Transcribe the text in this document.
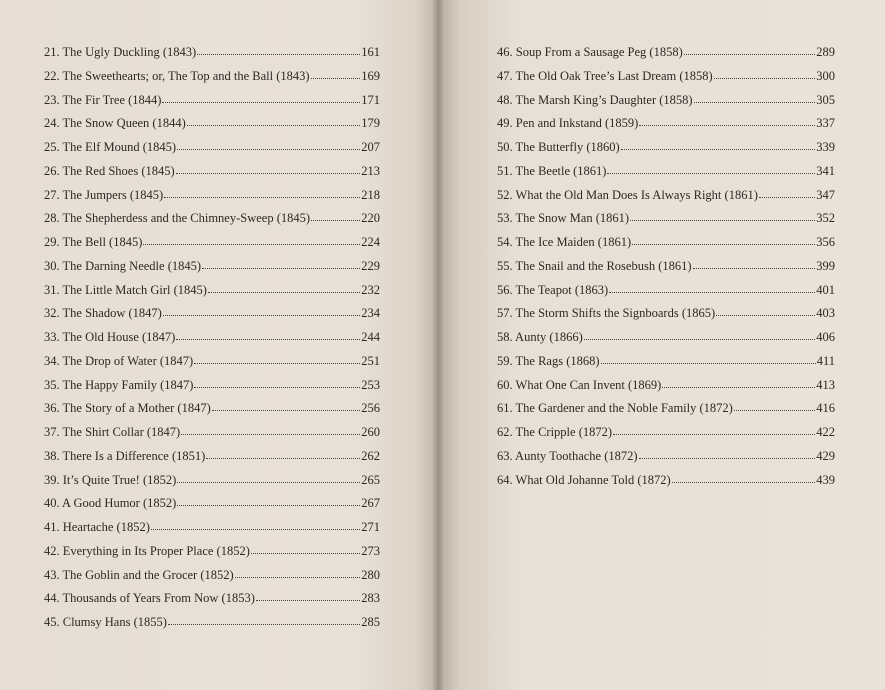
21. The Ugly Duckling (1843)	161
22. The Sweethearts; or, The Top and the Ball (1843)	169
23. The Fir Tree (1844)	171
24. The Snow Queen (1844)	179
25. The Elf Mound (1845)	207
26. The Red Shoes (1845)	213
27. The Jumpers (1845)	218
28. The Shepherdess and the Chimney-Sweep (1845)	220
29. The Bell (1845)	224
30. The Darning Needle (1845)	229
31. The Little Match Girl (1845)	232
32. The Shadow (1847)	234
33. The Old House (1847)	244
34. The Drop of Water (1847)	251
35. The Happy Family (1847)	253
36. The Story of a Mother (1847)	256
37. The Shirt Collar (1847)	260
38. There Is a Difference (1851)	262
39. It’s Quite True! (1852)	265
40. A Good Humor (1852)	267
41. Heartache (1852)	271
42. Everything in Its Proper Place (1852)	273
43. The Goblin and the Grocer (1852)	280
44. Thousands of Years From Now (1853)	283
45. Clumsy Hans (1855)	285
46. Soup From a Sausage Peg (1858)	289
47. The Old Oak Tree’s Last Dream (1858)	300
48. The Marsh King’s Daughter (1858)	305
49. Pen and Inkstand (1859)	337
50. The Butterfly (1860)	339
51. The Beetle (1861)	341
52. What the Old Man Does Is Always Right (1861)	347
53. The Snow Man (1861)	352
54. The Ice Maiden (1861)	356
55. The Snail and the Rosebush (1861)	399
56. The Teapot (1863)	401
57. The Storm Shifts the Signboards (1865)	403
58. Aunty (1866)	406
59. The Rags (1868)	411
60. What One Can Invent (1869)	413
61. The Gardener and the Noble Family (1872)	416
62. The Cripple (1872)	422
63. Aunty Toothache (1872)	429
64. What Old Johanne Told (1872)	439
